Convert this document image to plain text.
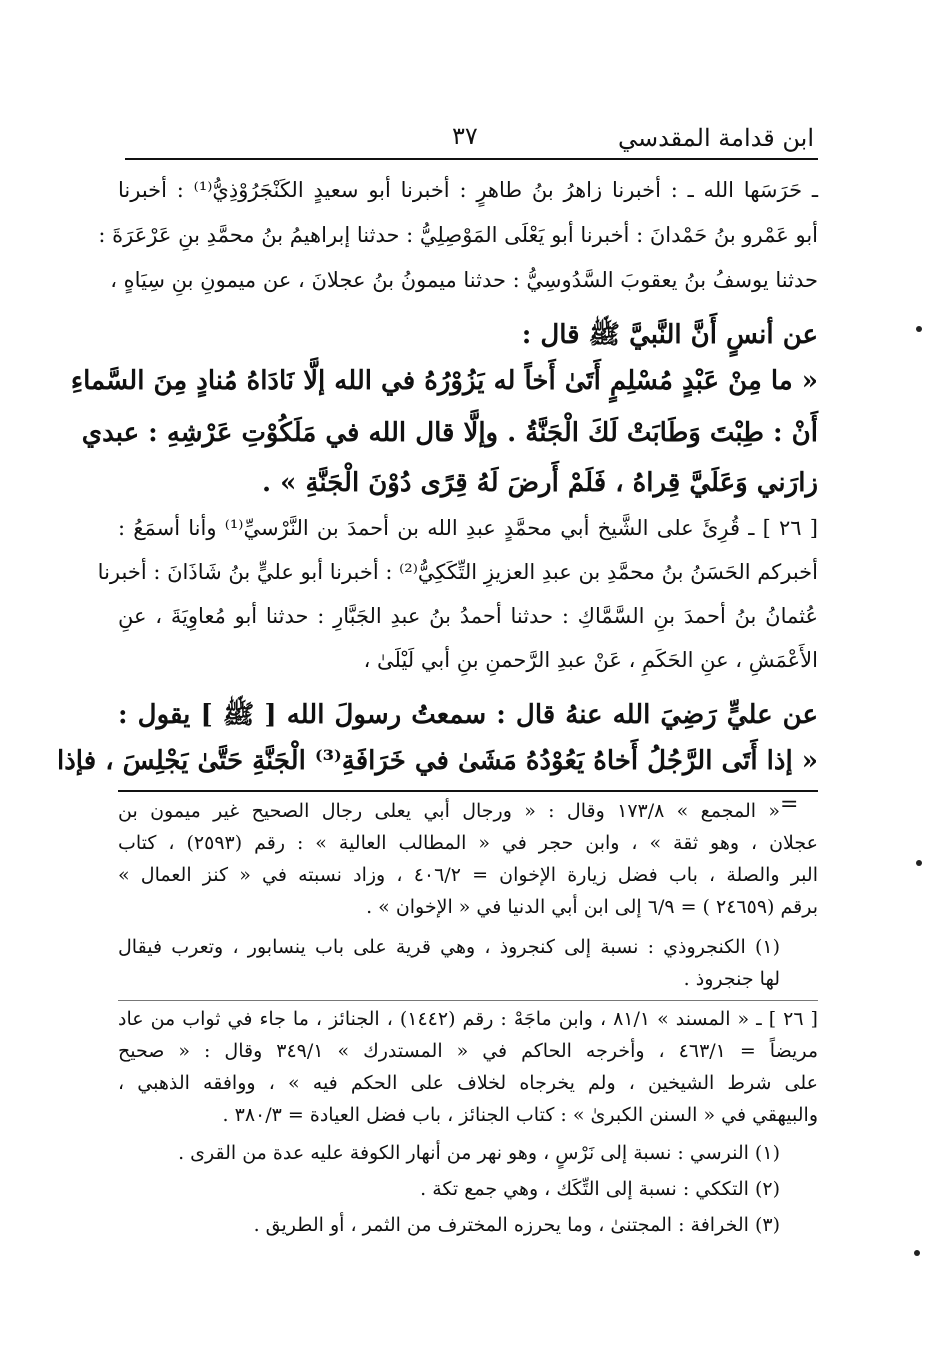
ابن قدامة المقدسي
٣٧
ـ حَرَسَها الله ـ : أخبرنا زاهرُ بنُ طاهرٍ : أخبرنا أبو سعيدٍ الكَنْجَرُوْذِيُّ⁽¹⁾ : أخبرنا
أبو عَمْرو بنُ حَمْدانَ : أخبرنا أبو يَعْلَى المَوْصِلِيُّ : حدثنا إبراهيمُ بنُ محمَّدِ بنِ عَرْعَرَةَ :
حدثنا يوسفُ بنُ يعقوبَ السَّدُوسِيُّ : حدثنا ميمونُ بنُ عجلانَ ، عن ميمونِ بنِ سِيَاهٍ ،
عن أنسٍ أَنَّ النَّبيَّ ﷺ قال :
« ما مِنْ عَبْدٍ مُسْلِمٍ أَتَىٰ أَخاً له يَزُوْرُهُ في الله إلَّا نَادَاهُ مُنادٍ مِنَ السَّماءِ
أَنْ : طِبْتَ وَطَابَتْ لَكَ الْجَنَّةُ . وإلَّا قال الله في مَلَكُوْتِ عَرْشِهِ : عبدي
زارَني وَعَلَيَّ قِراهُ ، فَلَمْ أَرضَ لَهُ قِرًى دُوْنَ الْجَنَّةِ » .
[ ٢٦ ] ـ قُرِئَ على الشَّيخ أبي محمَّدٍ عبدِ الله بن أحمدَ بن النَّرْسيِّ⁽¹⁾ وأنا أسمَعُ :
أخبركم الحَسَنُ بنُ محمَّدِ بن عبدِ العزيزِ التِّكَكِيُّ⁽²⁾ : أخبرنا أبو عليٍّ بنُ شَاذَانَ : أخبرنا
عُثمانُ بنُ أحمدَ بنِ السَّمَّاكِ : حدثنا أحمدُ بنُ عبدِ الجَبَّارِ : حدثنا أبو مُعاوِيَةَ ، عنِ
الأَعْمَشِ ، عنِ الحَكَمِ ، عَنْ عبدِ الرَّحمنِ بنِ أبي لَيْلَىٰ ،
عن عليٍّ رَضِيَ الله عنهُ قال : سمعتُ رسولَ الله [ ﷺ ] يقول :
« إذا أَتَى الرَّجُلُ أَخاهُ يَعُوْدُهُ مَشَىٰ في خَرَافَةِ⁽³⁾ الْجَنَّةِ حَتَّىٰ يَجْلِسَ ، فإذا
=
« المجمع » ١٧٣/٨ وقال : « ورجال أبي يعلى رجال الصحيح غير ميمون بن
عجلان ، وهو ثقة » ، وابن حجر في « المطالب العالية » : رقم (٢٥٩٣) ، كتاب
البر والصلة ، باب فضل زيارة الإخوان = ٤٠٦/٢ ، وزاد نسبته في « كنز العمال »
برقم (٢٤٦٥٩ ) = ٦/٩ إلى ابن أبي الدنيا في « الإخوان » .
(١) الكنجروذي : نسبة إلى كنجروذ ، وهي قرية على باب ينسابور ، وتعرب فيقال
لها جنجروذ .
[ ٢٦ ] ـ « المسند » ٨١/١ ، وابن ماجَهْ : رقم (١٤٤٢) ، الجنائز ، ما جاء في ثواب من عاد
مريضاً = ٤٦٣/١ ، وأخرجه الحاكم في « المستدرك » ٣٤٩/١ وقال : « صحيح
على شرط الشيخين ، ولم يخرجاه لخلاف على الحكم فيه » ، ووافقه الذهبي ،
والبيهقي في « السنن الكبرىٰ » : كتاب الجنائز ، باب فضل العيادة = ٣٨٠/٣ .
(١) النرسي : نسبة إلى نَرْسٍ ، وهو نهر من أنهار الكوفة عليه عدة من القرى .
(٢) التككي : نسبة إلى التِّكَك ، وهي جمع تكة .
(٣) الخرافة : المجتنىٰ ، وما يحرزه المخترف من الثمر ، أو الطريق .
